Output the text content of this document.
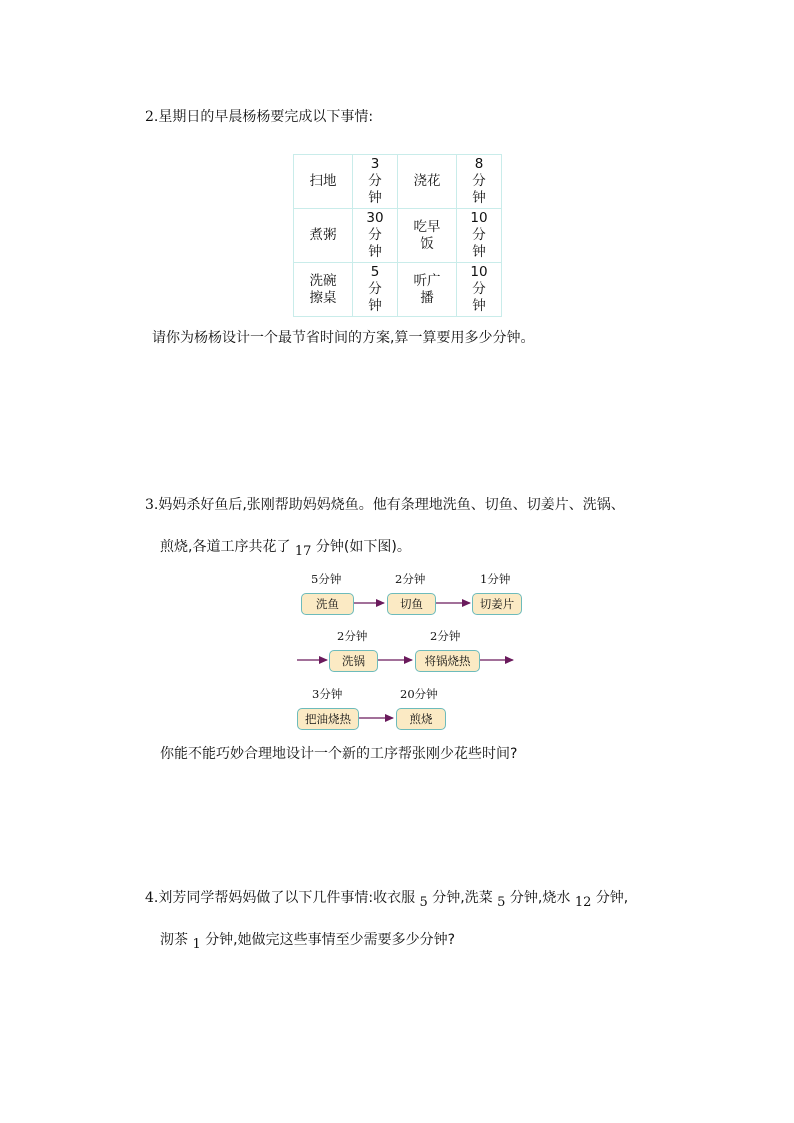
2.星期日的早晨杨杨要完成以下事情:
扫地	3分钟	浇花	8分钟
煮粥	30分钟	吃早饭	10分钟
洗碗擦桌	5分钟	听广播	10分钟
请你为杨杨设计一个最节省时间的方案,算一算要用多少分钟。
3.妈妈杀好鱼后,张刚帮助妈妈烧鱼。他有条理地洗鱼、切鱼、切姜片、洗锅、
煎烧,各道工序共花了 17 分钟(如下图)。
5分钟	2分钟	1分钟
2分钟	2分钟
3分钟	20分钟
洗鱼	切鱼	切姜片
洗锅	将锅烧热
把油烧热	煎烧
你能不能巧妙合理地设计一个新的工序帮张刚少花些时间?
4.刘芳同学帮妈妈做了以下几件事情:收衣服 5 分钟,洗菜 5 分钟,烧水 12 分钟,
沏茶 1 分钟,她做完这些事情至少需要多少分钟?
